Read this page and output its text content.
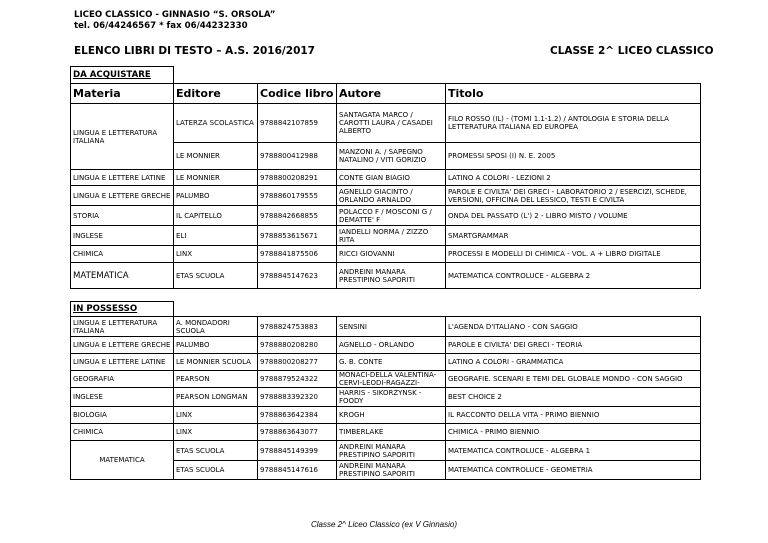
LICEO CLASSICO - GINNASIO “S. ORSOLA”
tel. 06/44246567 * fax 06/44232330
ELENCO LIBRI DI TESTO – A.S. 2016/2017	CLASSE 2^ LICEO CLASSICO
DA ACQUISTARE				
Materia	Editore	Codice libro	Autore	Titolo
LINGUA E LETTERATURA ITALIANA	LATERZA SCOLASTICA	9788842107859	SANTAGATA MARCO / CAROTTI LAURA / CASADEI ALBERTO	FILO ROSSO (IL) - (TOMI 1.1-1.2) / ANTOLOGIA E STORIA DELLA LETTERATURA ITALIANA ED EUROPEA
	LE MONNIER	9788800412988	MANZONI A. / SAPEGNO NATALINO / VITI GORIZIO	PROMESSI SPOSI (I) N. E. 2005
LINGUA E LETTERE LATINE	LE MONNIER	9788800208291	CONTE GIAN BIAGIO	LATINO A COLORI - LEZIONI 2
LINGUA E LETTERE GRECHE	PALUMBO	9788860179555	AGNELLO GIACINTO / ORLANDO ARNALDO	PAROLE E CIVILTA' DEI GRECI - LABORATORIO 2 / ESERCIZI, SCHEDE, VERSIONI, OFFICINA DEL LESSICO, TESTI E CIVILTA
STORIA	IL CAPITELLO	9788842668855	POLACCO F / MOSCONI G / DEMATTE' F	ONDA DEL PASSATO (L') 2 - LIBRO MISTO / VOLUME
INGLESE	ELI	9788853615671	IANDELLI NORMA / ZIZZO RITA	SMARTGRAMMAR
CHIMICA	LINX	9788841875506	RICCI GIOVANNI	PROCESSI E MODELLI DI CHIMICA - VOL. A + LIBRO DIGITALE
MATEMATICA	ETAS SCUOLA	9788845147623	ANDREINI MANARA PRESTIPINO SAPORITI	MATEMATICA CONTROLUCE - ALGEBRA 2
IN POSSESSO				
LINGUA E LETTERATURA ITALIANA	A. MONDADORI SCUOLA	9788824753883	SENSINI	L'AGENDA D'ITALIANO - CON SAGGIO
LINGUA E LETTERE GRECHE	PALUMBO	9788880208280	AGNELLO - ORLANDO	PAROLE E CIVILTA' DEI GRECI - TEORIA
LINGUA E LETTERE LATINE	LE MONNIER SCUOLA	9788800208277	G. B. CONTE	LATINO A COLORI - GRAMMATICA
GEOGRAFIA	PEARSON	9788879524322	MONACI-DELLA VALENTINA-CERVI-LEODI-RAGAZZI-	GEOGRAFIE. SCENARI E TEMI DEL GLOBALE MONDO - CON SAGGIO
INGLESE	PEARSON LONGMAN	9788883392320	HARRIS - SIKORZYNSK - FOODY	BEST CHOICE 2
BIOLOGIA	LINX	9788863642384	KROGH	IL RACCONTO DELLA VITA - PRIMO BIENNIO
CHIMICA	LINX	9788863643077	TIMBERLAKE	CHIMICA - PRIMO BIENNIO
MATEMATICA	ETAS SCUOLA	9788845149399	ANDREINI MANARA PRESTIPINO SAPORITI	MATEMATICA CONTROLUCE - ALGEBRA 1
	ETAS SCUOLA	9788845147616	ANDREINI MANARA PRESTIPINO SAPORITI	MATEMATICA CONTROLUCE - GEOMETRIA
Classe 2^ Liceo Classico (ex V Ginnasio)
